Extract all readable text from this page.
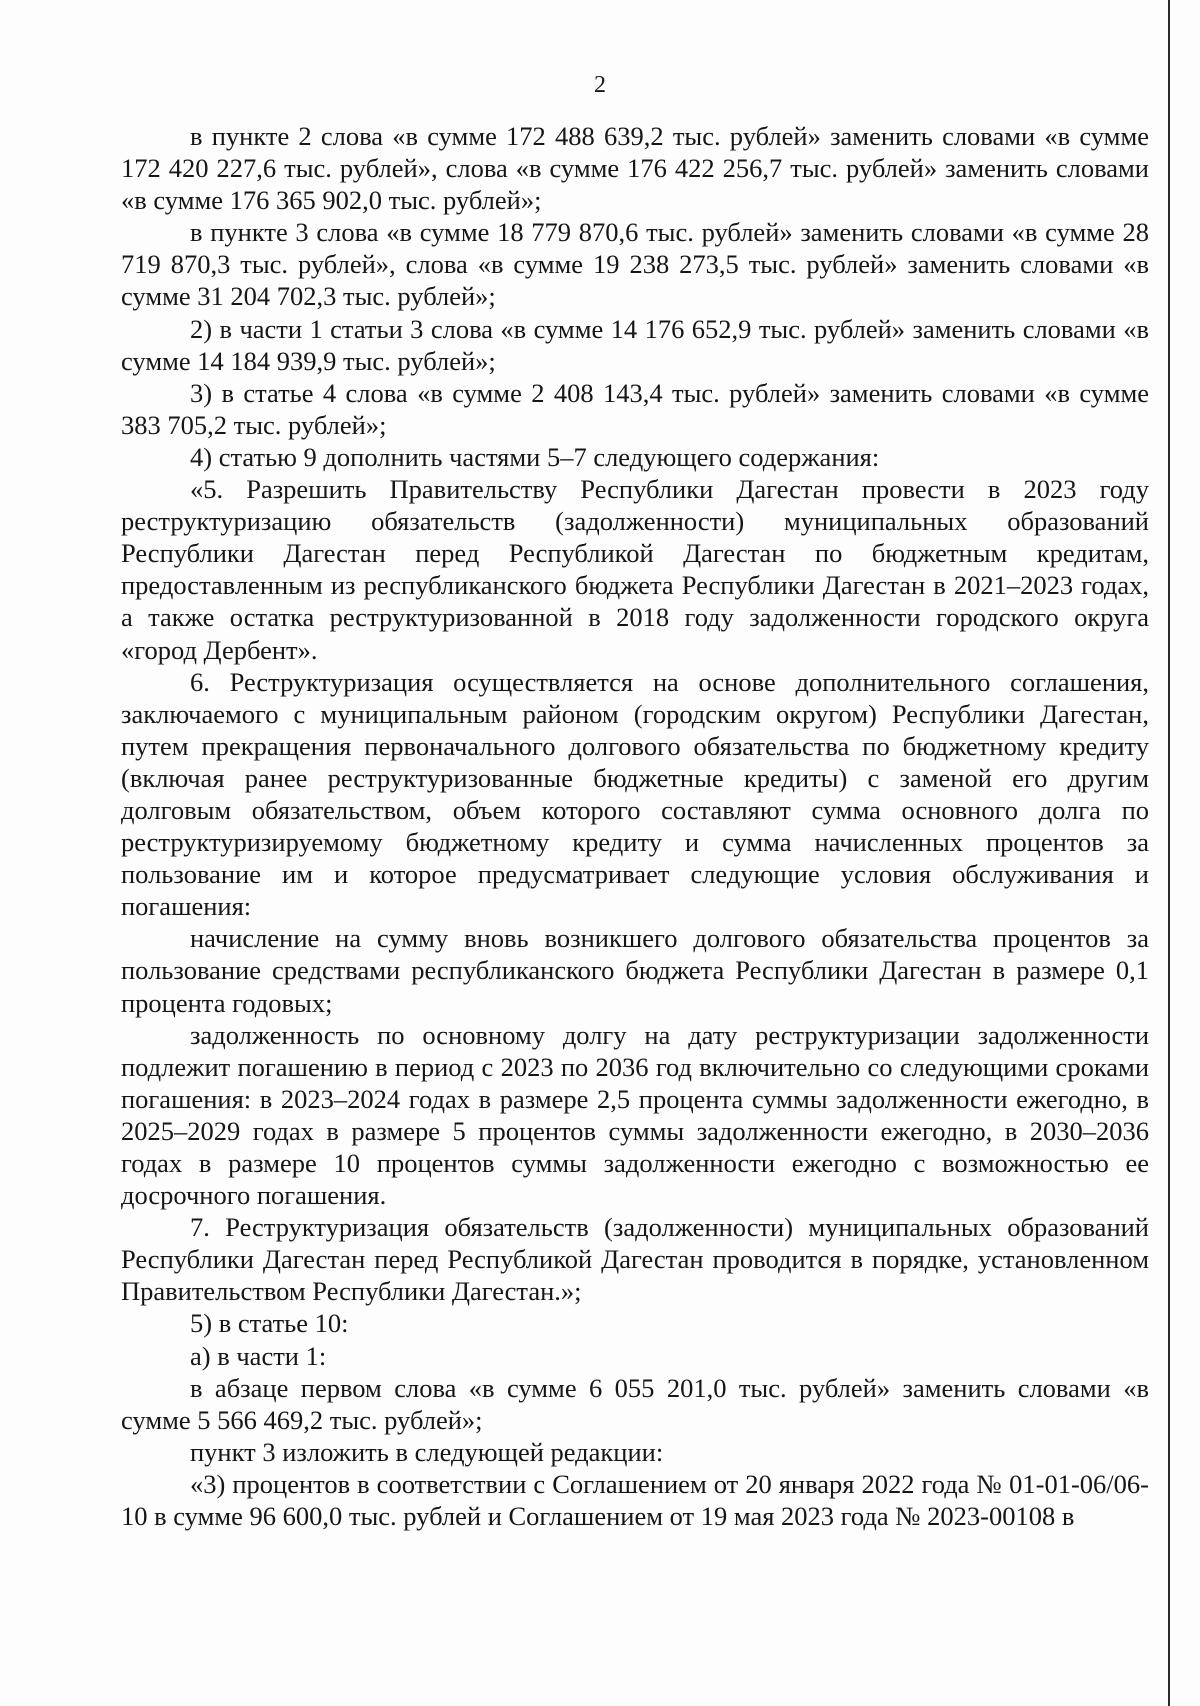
2

в пункте 2 слова «в сумме 172 488 639,2 тыс. рублей» заменить словами «в сумме 172 420 227,6 тыс. рублей», слова «в сумме 176 422 256,7 тыс. рублей» заменить словами «в сумме 176 365 902,0 тыс. рублей»;

в пункте 3 слова «в сумме 18 779 870,6 тыс. рублей» заменить словами «в сумме 28 719 870,3 тыс. рублей», слова «в сумме 19 238 273,5 тыс. рублей» заменить словами «в сумме 31 204 702,3 тыс. рублей»;

2) в части 1 статьи 3 слова «в сумме 14 176 652,9 тыс. рублей» заменить словами «в сумме 14 184 939,9 тыс. рублей»;

3) в статье 4 слова «в сумме 2 408 143,4 тыс. рублей» заменить словами «в сумме 383 705,2 тыс. рублей»;

4) статью 9 дополнить частями 5–7 следующего содержания:

«5. Разрешить Правительству Республики Дагестан провести в 2023 году реструктуризацию обязательств (задолженности) муниципальных образований Республики Дагестан перед Республикой Дагестан по бюджетным кредитам, предоставленным из республиканского бюджета Республики Дагестан в 2021–2023 годах, а также остатка реструктуризованной в 2018 году задолженности городского округа «город Дербент».

6. Реструктуризация осуществляется на основе дополнительного соглашения, заключаемого с муниципальным районом (городским округом) Республики Дагестан, путем прекращения первоначального долгового обязательства по бюджетному кредиту (включая ранее реструктуризованные бюджетные кредиты) с заменой его другим долговым обязательством, объем которого составляют сумма основного долга по реструктуризируемому бюджетному кредиту и сумма начисленных процентов за пользование им и которое предусматривает следующие условия обслуживания и погашения:

начисление на сумму вновь возникшего долгового обязательства процентов за пользование средствами республиканского бюджета Республики Дагестан в размере 0,1 процента годовых;

задолженность по основному долгу на дату реструктуризации задолженности подлежит погашению в период с 2023 по 2036 год включительно со следующими сроками погашения: в 2023–2024 годах в размере 2,5 процента суммы задолженности ежегодно, в 2025–2029 годах в размере 5 процентов суммы задолженности ежегодно, в 2030–2036 годах в размере 10 процентов суммы задолженности ежегодно с возможностью ее досрочного погашения.

7. Реструктуризация обязательств (задолженности) муниципальных образований Республики Дагестан перед Республикой Дагестан проводится в порядке, установленном Правительством Республики Дагестан.»;

5) в статье 10:

а) в части 1:

в абзаце первом слова «в сумме 6 055 201,0 тыс. рублей» заменить словами «в сумме 5 566 469,2 тыс. рублей»;

пункт 3 изложить в следующей редакции:

«3) процентов в соответствии с Соглашением от 20 января 2022 года № 01-01-06/06-10 в сумме 96 600,0 тыс. рублей и Соглашением от 19 мая 2023 года № 2023-00108 в
